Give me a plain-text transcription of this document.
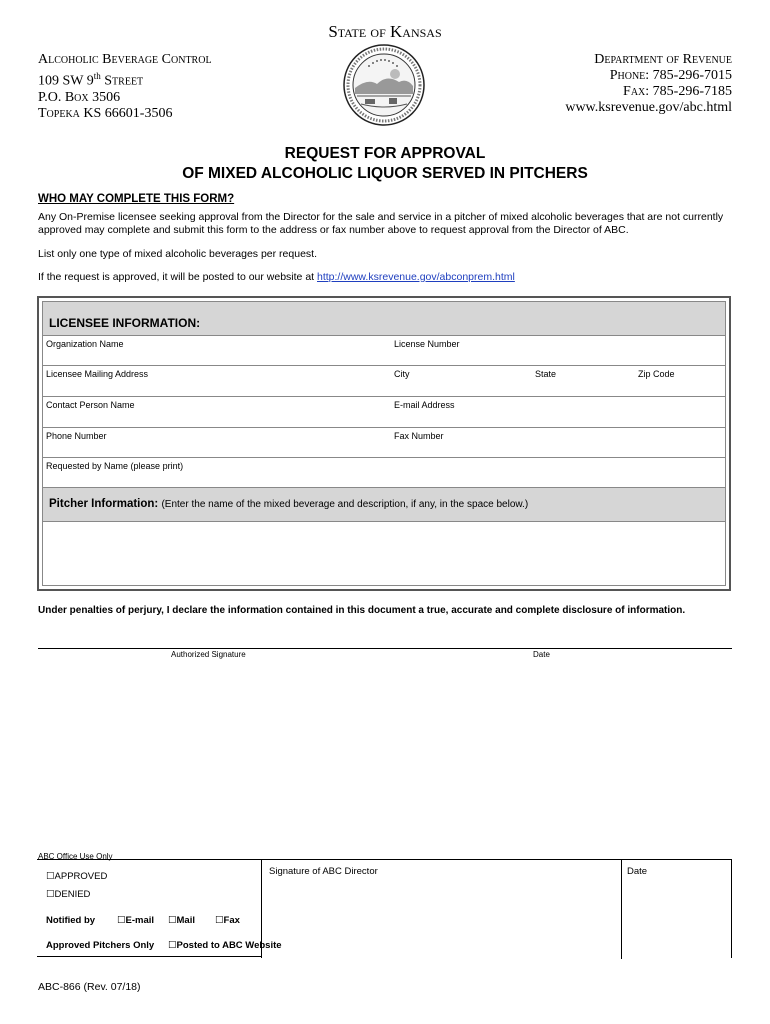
State of Kansas
Alcoholic Beverage Control
109 SW 9th Street
P.O. Box 3506
Topeka KS 66601-3506
Department of Revenue
Phone: 785-296-7015
Fax: 785-296-7185
www.ksrevenue.gov/abc.html
REQUEST FOR APPROVAL
OF MIXED ALCOHOLIC LIQUOR SERVED IN PITCHERS
WHO MAY COMPLETE THIS FORM?
Any On-Premise licensee seeking approval from the Director for the sale and service in a pitcher of mixed alcoholic beverages that are not currently approved may complete and submit this form to the address or fax number above to request approval from the Director of ABC.
List only one type of mixed alcoholic beverages per request.
If the request is approved, it will be posted to our website at http://www.ksrevenue.gov/abconprem.html
LICENSEE INFORMATION:
Organization Name	License Number
Licensee Mailing Address	City	State	Zip Code
Contact Person Name	E-mail Address
Phone Number	Fax Number
Requested by Name (please print)
Pitcher Information: (Enter the name of the mixed beverage and description, if any, in the space below.)
Under penalties of perjury, I declare the information contained in this document a true, accurate and complete disclosure of information.
Authorized Signature	Date
ABC Office Use Only
☐APPROVED
☐DENIED
Signature of ABC Director	Date
Notified by ☐E-mail ☐Mail ☐Fax
Approved Pitchers Only ☐Posted to ABC Website
ABC-866 (Rev. 07/18)
